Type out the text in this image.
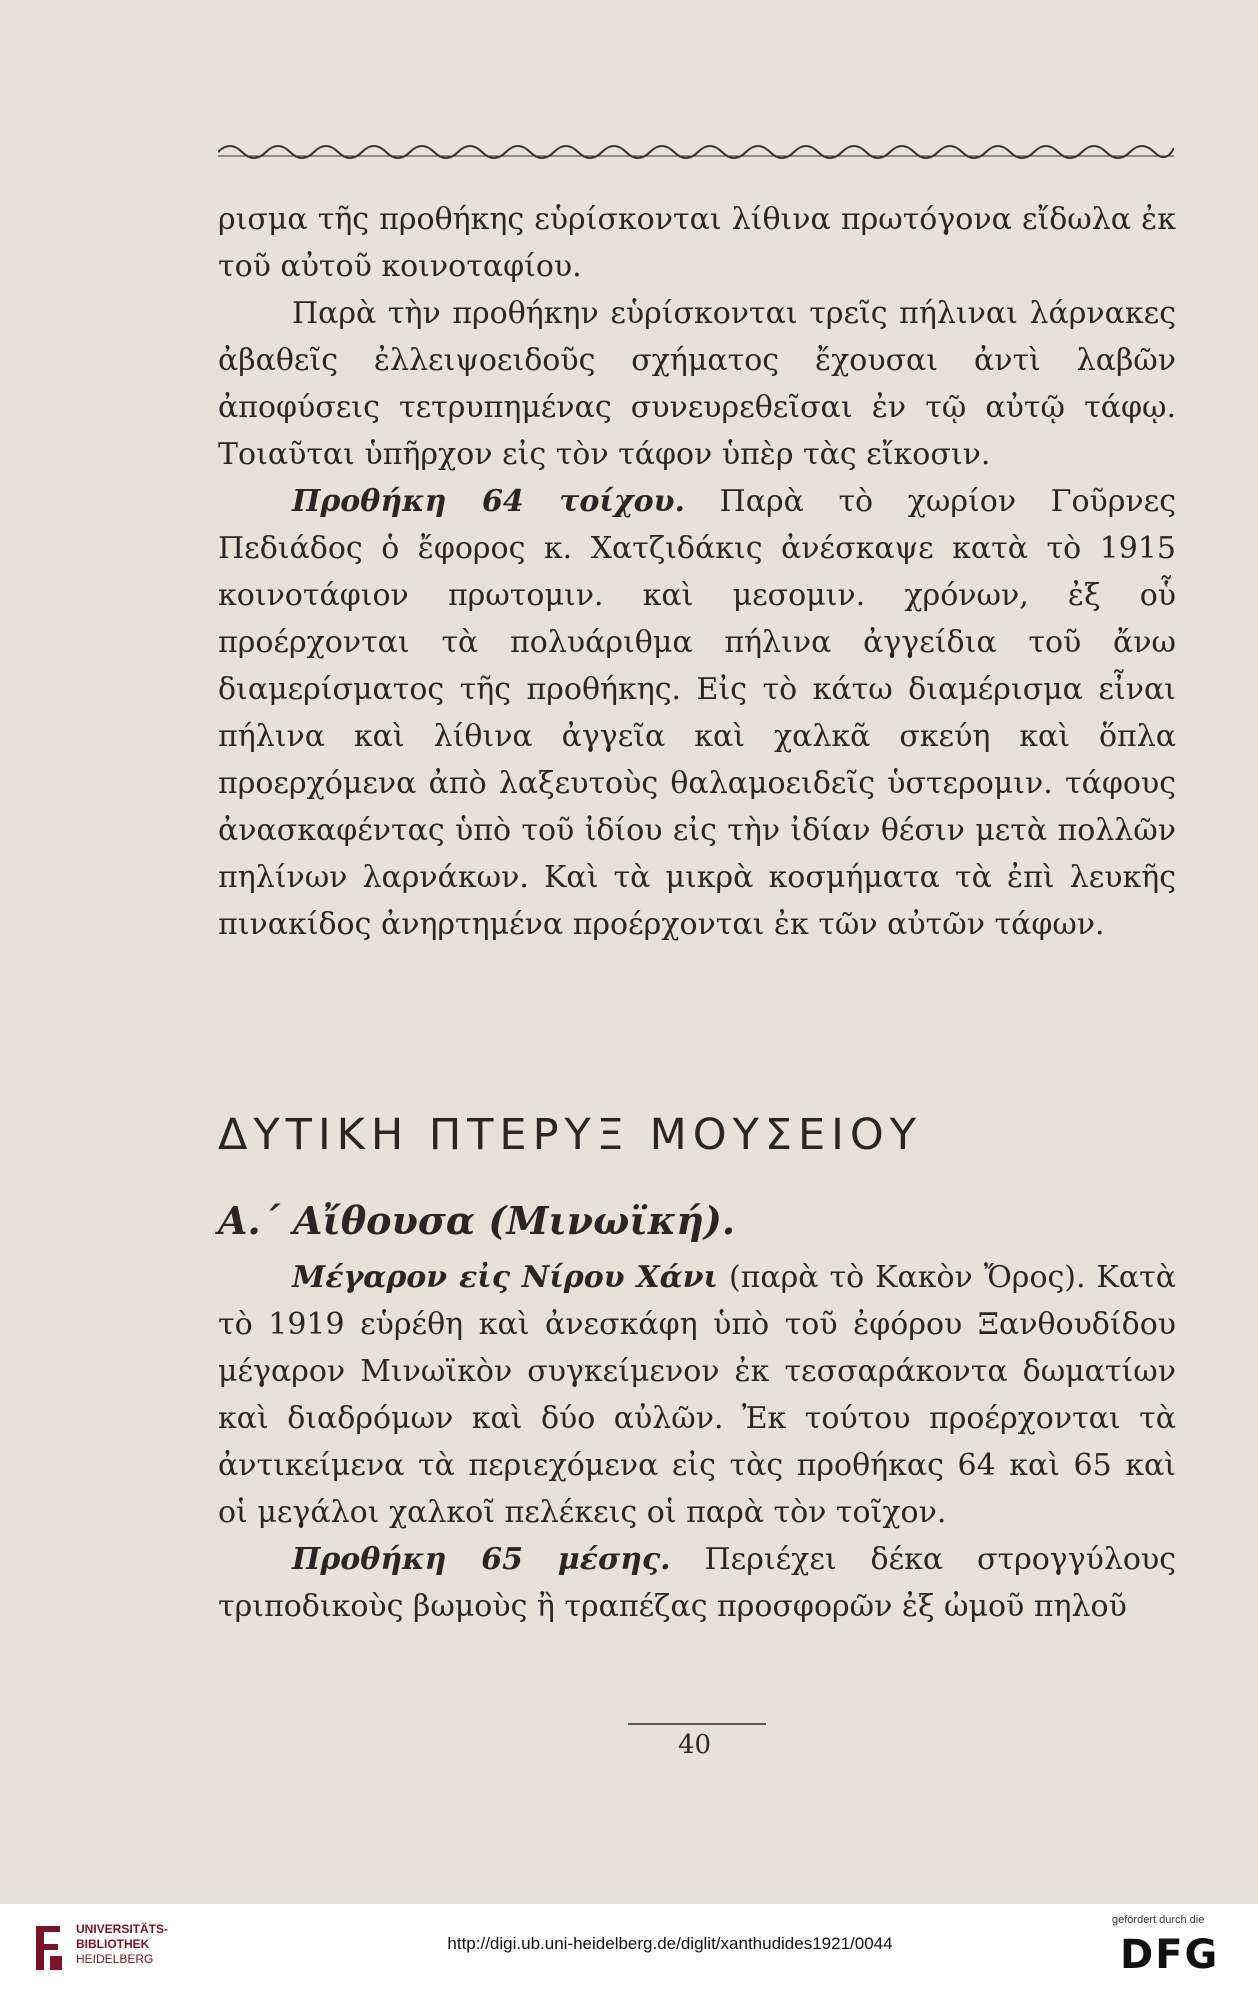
ρισμα τῆς προθήκης εὑρίσκονται λίθινα πρωτόγονα εἴδωλα ἐκ τοῦ αὐτοῦ κοινοταφίου.

Παρὰ τὴν προθήκην εὑρίσκονται τρεῖς πήλιναι λάρνακες ἀβαθεῖς ἐλλειψοειδοῦς σχήματος ἔχουσαι ἀντὶ λαβῶν ἀποφύσεις τετρυπημένας συνευρεθεῖσαι ἐν τῷ αὐτῷ τάφῳ. Τοιαῦται ὑπῆρχον εἰς τὸν τάφον ὑπὲρ τὰς εἴκοσιν.

Προθήκη 64 τοίχου. Παρὰ τὸ χωρίον Γοῦρνες Πεδιάδος ὁ ἔφορος κ. Χατζιδάκις ἀνέσκαψε κατὰ τὸ 1915 κοινοτάφιον πρωτομιν. καὶ μεσομιν. χρόνων, ἐξ οὗ προέρχονται τὰ πολυάριθμα πήλινα ἀγγείδια τοῦ ἄνω διαμερίσματος τῆς προθήκης. Εἰς τὸ κάτω διαμέρισμα εἶναι πήλινα καὶ λίθινα ἀγγεῖα καὶ χαλκᾶ σκεύη καὶ ὅπλα προερχόμενα ἀπὸ λαξευτοὺς θαλαμοειδεῖς ὑστερομιν. τάφους ἀνασκαφέντας ὑπὸ τοῦ ἰδίου εἰς τὴν ἰδίαν θέσιν μετὰ πολλῶν πηλίνων λαρνάκων. Καὶ τὰ μικρὰ κοσμήματα τὰ ἐπὶ λευκῆς πινακίδος ἀνηρτημένα προέρχονται ἐκ τῶν αὐτῶν τάφων.

ΔΥΤΙΚΗ ΠΤΕΡΥΞ ΜΟΥΣΕΙΟΥ
Α.΄ Αἴθουσα (Μινωϊκή).

Μέγαρον εἰς Νίρου Χάνι (παρὰ τὸ Κακὸν Ὄρος). Κατὰ τὸ 1919 εὑρέθη καὶ ἀνεσκάφη ὑπὸ τοῦ ἐφόρου Ξανθουδίδου μέγαρον Μινωϊκὸν συγκείμενον ἐκ τεσσαράκοντα δωματίων καὶ διαδρόμων καὶ δύο αὐλῶν. Ἐκ τούτου προέρχονται τὰ ἀντικείμενα τὰ περιεχόμενα εἰς τὰς προθήκας 64 καὶ 65 καὶ οἱ μεγάλοι χαλκοῖ πελέκεις οἱ παρὰ τὸν τοῖχον.

Προθήκη 65 μέσης. Περιέχει δέκα στρογγύλους τριποδικοὺς βωμοὺς ἢ τραπέζας προσφορῶν ἐξ ὠμοῦ πηλοῦ

40
UNIVERSITÄTS-
BIBLIOTHEK
HEIDELBERG
http://digi.ub.uni-heidelberg.de/diglit/xanthudides1921/0044
gefördert durch die
DFG
